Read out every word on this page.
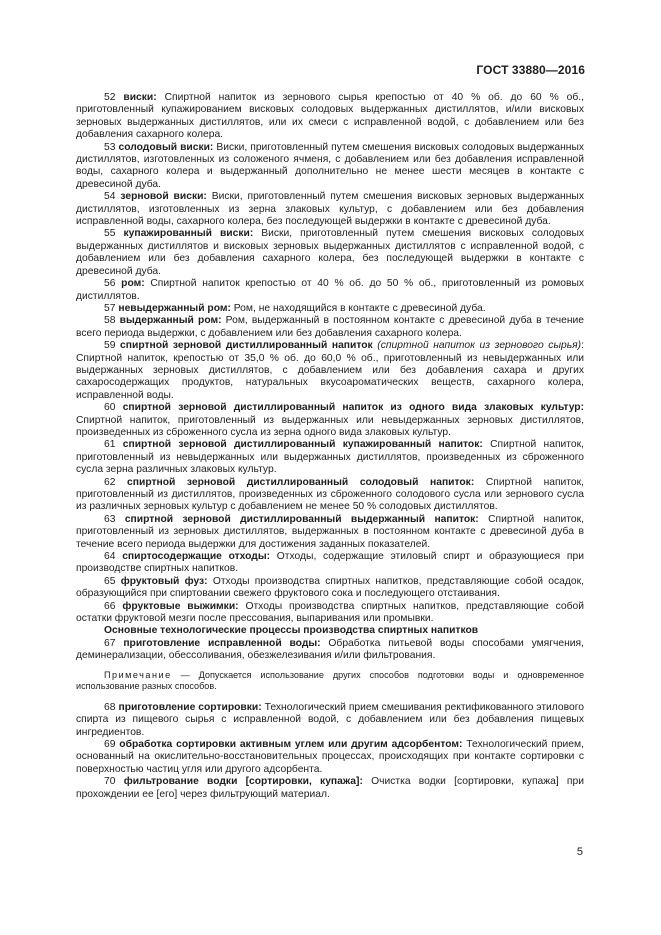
ГОСТ 33880—2016

52 виски: Спиртной напиток из зернового сырья крепостью от 40 % об. до 60 % об., приготовленный купажированием висковых солодовых выдержанных дистиллятов, и/или висковых зерновых выдержанных дистиллятов, или их смеси с исправленной водой, с добавлением или без добавления сахарного колера.

53 солодовый виски: Виски, приготовленный путем смешения висковых солодовых выдержанных дистиллятов, изготовленных из соложеного ячменя, с добавлением или без добавления исправленной воды, сахарного колера и выдержанный дополнительно не менее шести месяцев в контакте с древесиной дуба.

54 зерновой виски: Виски, приготовленный путем смешения висковых зерновых выдержанных дистиллятов, изготовленных из зерна злаковых культур, с добавлением или без добавления исправленной воды, сахарного колера, без последующей выдержки в контакте с древесиной дуба.

55 купажированный виски: Виски, приготовленный путем смешения висковых солодовых выдержанных дистиллятов и висковых зерновых выдержанных дистиллятов с исправленной водой, с добавлением или без добавления сахарного колера, без последующей выдержки в контакте с древесиной дуба.

56 ром: Спиртной напиток крепостью от 40 % об. до 50 % об., приготовленный из ромовых дистиллятов.

57 невыдержанный ром: Ром, не находящийся в контакте с древесиной дуба.

58 выдержанный ром: Ром, выдержанный в постоянном контакте с древесиной дуба в течение всего периода выдержки, с добавлением или без добавления сахарного колера.

59 спиртной зерновой дистиллированный напиток (спиртной напиток из зернового сырья): Спиртной напиток, крепостью от 35,0 % об. до 60,0 % об., приготовленный из невыдержанных или выдержанных зерновых дистиллятов, с добавлением или без добавления сахара и других сахаросодержащих продуктов, натуральных вкусоароматических веществ, сахарного колера, исправленной воды.

60 спиртной зерновой дистиллированный напиток из одного вида злаковых культур: Спиртной напиток, приготовленный из выдержанных или невыдержанных зерновых дистиллятов, произведенных из сброженного сусла из зерна одного вида злаковых культур.

61 спиртной зерновой дистиллированный купажированный напиток: Спиртной напиток, приготовленный из невыдержанных или выдержанных дистиллятов, произведенных из сброженного сусла зерна различных злаковых культур.

62 спиртной зерновой дистиллированный солодовый напиток: Спиртной напиток, приготовленный из дистиллятов, произведенных из сброженного солодового сусла или зернового сусла из различных зерновых культур с добавлением не менее 50 % солодовых дистиллятов.

63 спиртной зерновой дистиллированный выдержанный напиток: Спиртной напиток, приготовленный из зерновых дистиллятов, выдержанных в постоянном контакте с древесиной дуба в течение всего периода выдержки для достижения заданных показателей.

64 спиртосодержащие отходы: Отходы, содержащие этиловый спирт и образующиеся при производстве спиртных напитков.

65 фруктовый фуз: Отходы производства спиртных напитков, представляющие собой осадок, образующийся при спиртовании свежего фруктового сока и последующего отстаивания.

66 фруктовые выжимки: Отходы производства спиртных напитков, представляющие собой остатки фруктовой мезги после прессования, выпаривания или промывки.

Основные технологические процессы производства спиртных напитков

67 приготовление исправленной воды: Обработка питьевой воды способами умягчения, деминерализации, обессоливания, обезжелезивания и/или фильтрования.

Примечание — Допускается использование других способов подготовки воды и одновременное использование разных способов.

68 приготовление сортировки: Технологический прием смешивания ректификованного этилового спирта из пищевого сырья с исправленной водой, с добавлением или без добавления пищевых ингредиентов.

69 обработка сортировки активным углем или другим адсорбентом: Технологический прием, основанный на окислительно-восстановительных процессах, происходящих при контакте сортировки с поверхностью частиц угля или другого адсорбента.

70 фильтрование водки [сортировки, купажа]: Очистка водки [сортировки, купажа] при прохождении ее [его] через фильтрующий материал.

5
